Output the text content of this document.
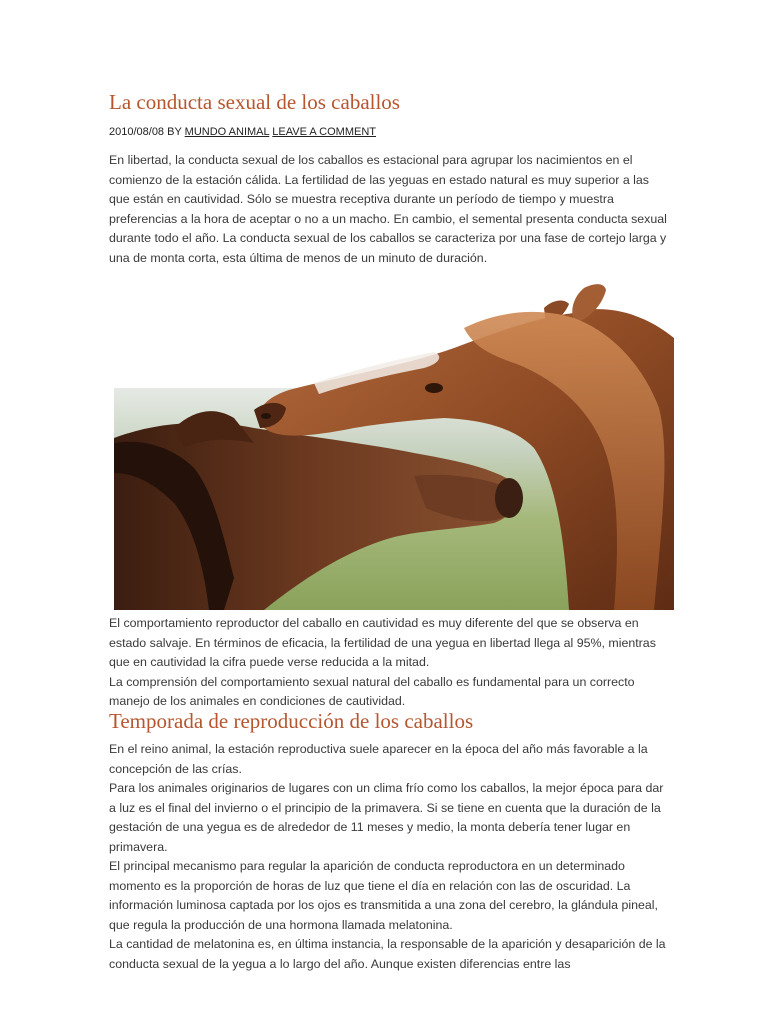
La conducta sexual de los caballos
2010/08/08 BY MUNDO ANIMAL LEAVE A COMMENT

En libertad, la conducta sexual de los caballos es estacional para agrupar los nacimientos en el comienzo de la estación cálida. La fertilidad de las yeguas en estado natural es muy superior a las que están en cautividad. Sólo se muestra receptiva durante un período de tiempo y muestra preferencias a la hora de aceptar o no a un macho. En cambio, el semental presenta conducta sexual durante todo el año. La conducta sexual de los caballos se caracteriza por una fase de cortejo larga y una de monta corta, esta última de menos de un minuto de duración.

El comportamiento reproductor del caballo en cautividad es muy diferente del que se observa en estado salvaje. En términos de eficacia, la fertilidad de una yegua en libertad llega al 95%, mientras que en cautividad la cifra puede verse reducida a la mitad.

La comprensión del comportamiento sexual natural del caballo es fundamental para un correcto manejo de los animales en condiciones de cautividad.

Temporada de reproducción de los caballos

En el reino animal, la estación reproductiva suele aparecer en la época del año más favorable a la concepción de las crías.

Para los animales originarios de lugares con un clima frío como los caballos, la mejor época para dar a luz es el final del invierno o el principio de la primavera. Si se tiene en cuenta que la duración de la gestación de una yegua es de alrededor de 11 meses y medio, la monta debería tener lugar en primavera.

El principal mecanismo para regular la aparición de conducta reproductora en un determinado momento es la proporción de horas de luz que tiene el día en relación con las de oscuridad. La información luminosa captada por los ojos es transmitida a una zona del cerebro, la glándula pineal, que regula la producción de una hormona llamada melatonina.

La cantidad de melatonina es, en última instancia, la responsable de la aparición y desaparición de la conducta sexual de la yegua a lo largo del año. Aunque existen diferencias entre las
